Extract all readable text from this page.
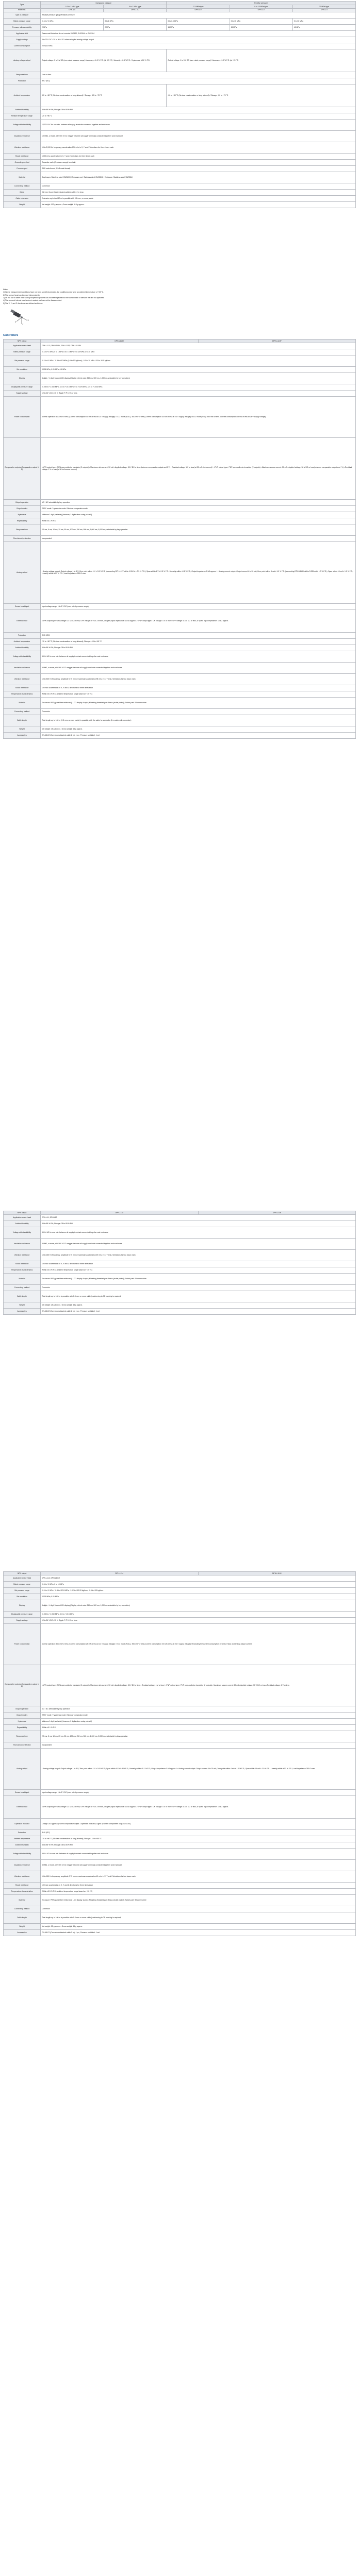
Type	Compound pressure		Positive pressure		
	-0.1 to 1 MPa type	0 to 1 MPa type	-7.5 MPa type	0 to 10 MPa type	30 MPa type
Model No.	DPH-1.0	DPH-1.0C	DPH-1.0	DPH-1.0	DPH-1.0
Type of pressure	Relative pressure gauge/Positive pressure				
Rated pressure range	-0.1 to +1 MPa	0 to 1 MPa	0 to 7.5 MPa	0 to 10 MPa	0 to 30 MPa
Pressure withstandability	2 MPa	2 MPa	15 MPa	15 MPa	45 MPa
Applicable fluid	Gases and fluids that do not corrode SUS630, SUS316L or SUS304				
Supply voltage	4 to 30 V DC / 20 to 30 V DC when using the analog voltage output				
Current consumption	20 mA or less				
Analog voltage output	Output voltage: 1 to 5 V DC (over rated pressure range) / Accuracy: ±1.0 % F.S. (at +23 °C) / Linearity: ±0.5 % F.S. / Hysteresis: ±0.2 % F.S.		Output voltage: 1 to 5 V DC (over rated pressure range) / Accuracy: ±1.0 % F.S. (at +23 °C)		
Response time	1 ms or less				
Protection	IP67 (IEC)				
Ambient temperature	-20 to +80 °C (No dew condensation or icing allowed) / Storage: -20 to +70 °C		-20 to +80 °C (No dew condensation or icing allowed) / Storage: -20 to +70 °C		
Ambient humidity	35 to 85 % RH; Storage: 35 to 85 % RH				
Medium temperature range	-20 to +80 °C				
Voltage withstandability	1,000 V AC for one min. between all supply terminals connected together and enclosure				
Insulation resistance	100 MΩ, or more, with 500 V DC megger between all supply terminals connected together and enclosure				
Vibration resistance	10 to 2,000 Hz frequency; acceleration 294 m/s² in X, Y and Z directions for three hours each				
Shock resistance	1,000 m/s² acceleration in X, Y and Z directions for three times each				
Grounding method	Capacitor earth (Enclosure-supply terminal)				
Pressure port	R1/8 male thread (R1/8 male thread)				
Material	Diaphragm: Stainless steel (SUS630) / Pressure port: Stainless steel (SUS304) / Enclosure: Stainless steel (SUS304)				
Connecting method	Connector				
Cable	0.2 mm² 3-core heat-resistant cabtyre cable, 2 m long				
Cable extension	Extension up to total 10 m is possible with 0.2 mm², or more, cable				
Weight	Net weight: 102 g approx.; Gross weight: 118 g approx.				

Notes:

1) Where measurement conditions have not been specified precisely, the conditions used were an ambient temperature of +23 °C.

2) The sensor head can be used independently.

3) Do not use in water if the factory inspection process has not been specified for the combination of sensors that are not specified.

4) The sensor's internal mechanism is sealed and can not be disassembled.

5) The X, Y, and Z directions are defined as follows.

X
Y
Z

Controllers

NPN output	DPH-L113V	DPH-L113P
Applicable sensor head	DPH-L113, DPH-L113V, DPH-L113P, DPH-L113PV	
Rated pressure range	-0.1 to +1 MPa; 0 to 1 MPa; 0 to 7.5 MPa; 0 to 10 MPa; 0 to 30 MPa	
Set pressure range	-0.1 to +1 MPa / -0.5 to +10 MPa (0.1 to 10 kgf/cm²); -0.1 to 10 MPa / 0.5 to 10.0 kgf/cm²	
Set resolution	0.001 MPa; 0.01 MPa; 0.1 MPa	
Display	4 digits + 4 digit 3-color LCD display (Display refresh rate: 250 ms, 500 ms, 1,000 ms selectable by key operation)	
Displayable pressure range	-0.050 to +1.050 MPa; -0.5 to +10.5 MPa; 0 to 7.875 MPa; -0.5 to +10.50 MPa	
Supply voltage	12 to 24 V DC ±10 % Ripple P-P 10 % or less	
Power consumption	Normal operation: 800 mW or less (Current consumption 40 mA or less at 24 V supply voltage) / ECO mode (FULL): 600 mW or less (Current consumption 30 mA or less at 24 V supply voltage) / ECO mode (STD): 550 mW or less (Current consumption 25 mA or less at 24 V supply voltage)	
Comparative outputs (Comparative output 1, 2)	<NPN output type> NPN open-collector transistor (2 outputs) • Maximum sink current: 50 mA • Applied voltage: 30 V DC or less (between comparative output and 0 V) • Residual voltage: 1 V or less (at 50 mA sink current) / <PNP output type> PNP open-collector transistor (2 outputs) • Maximum source current: 50 mA • Applied voltage: 30 V DC or less (between comparative output and +V) • Residual voltage: 1 V or less (at 50 mA source current)	
Output operation	NO / NC selectable by key operation	
Output modes	EASY mode / Hysteresis mode / Window comparator mode	
Hysteresis	Minimum 1 digit (variable) (however, 2 digits when using psi unit)	
Repeatability	Within ±0.1 % F.S.	
Response time	2.5 ms, 5 ms, 10 ms, 25 ms, 50 ms, 100 ms, 250 ms, 500 ms, 1,000 ms, 5,000 ms, selectable by key operation	
Short-circuit protection	Incorporated	
Analog output	• Analog voltage output: Output voltage 1 to 5 V; Zero point within 1 V ± 0.5 % F.S. (accounting DPH-L11V within 1.004 V ± 0.5 % F.S.); Span within 4 V ± 0.5 % F.S.; Linearity within ±0.1 % F.S.; Output impedance 1 kΩ approx. / • Analog current output: Output current 4 to 20 mA; Zero point within 4 mA ± 1.0 % F.S. (accounting DPH-L113V within 3.995 mA ± 1.0 % F.S.); Span within 16 mA ± 1.0 % F.S.; Linearity within ±0.1 % F.S.; Load impedance 250 Ω max.	
Sensor head input	Input voltage range: 1 to 5 V DC (over rated pressure range)	
External input	<NPN output type> ON voltage: 0.4 V DC or less; OFF voltage: 5 V DC or more, or open; Input impedance: 10 kΩ approx. / <PNP output type> ON voltage: 4 V or more; OFF voltage: 0.6 V DC or less, or open; Input impedance: 10 kΩ approx.	
Protection	IP65 (IEC)	
Ambient temperature	-10 to +50 °C (No dew condensation or icing allowed); Storage: -10 to +60 °C	
Ambient humidity	35 to 85 % RH; Storage: 35 to 85 % RH	
Voltage withstandability	500 V AC for one min. between all supply terminals connected together and enclosure	
Insulation resistance	50 MΩ, or more, with 500 V DC megger between all supply terminals connected together and enclosure	
Vibration resistance	10 to 500 Hz frequency; amplitude 0.75 mm or maximum acceleration 98 m/s² in X, Y and Z directions for two hours each	
Shock resistance	100 m/s² acceleration in X, Y and Z directions for three times each	
Temperature characteristics	Within ±0.5 % F.S. (ambient temperature range based on +20 °C)	
Material	Enclosure: PBT (glass fiber reinforced); LCD display: Acrylic; Mounting threaded part: Brass (nickel plated); Switch part: Silicone rubber	
Connecting method	Connector	
Cable length	Total length up to 100 m (0.3 mm² or more cable) is possible, with the cable for controller (6 m cable with connector)	
Weight	Net weight: 45 g approx.; Gross weight: 65 g approx.	
Accessories	CN-68-C2 (Connector attached cable 2 m): 1 pc.; Pressure unit label: 1 set	
NPN output	DPH-L11a	DPH-L13a
Applicable sensor head	DPH-L11, DPH-L13	
Ambient humidity	35 to 85 % RH; Storage: 35 to 85 % RH	
Voltage withstandability	500 V AC for one min. between all supply terminals connected together and enclosure	
Insulation resistance	50 MΩ, or more, with 500 V DC megger between all supply terminals connected together and enclosure	
Vibration resistance	10 to 150 Hz frequency; amplitude 0.75 mm or maximum acceleration 49 m/s² in X, Y and Z directions for two hours each	
Shock resistance	100 m/s² acceleration in X, Y and Z directions for three times each	
Temperature characteristics	Within ±0.5 % F.S. (ambient temperature range based on +20 °C)	
Material	Enclosure: PBT (glass fiber reinforced); LCD display: Acrylic; Mounting threaded part: Brass (nickel plated); Switch part: Silicone rubber	
Connecting method	Connector	
Cable length	Total length up to 100 m is possible with 0.3 mm² or more cable (conforming to CE marking is required)	
Weight	Net weight: 25 g approx.; Gross weight: 45 g approx.	
Accessories	CN-68-C2 (Connector attached cable 2 m): 1 pc.; Pressure unit label: 1 set	
NPN output	DPH-L114	DPH-L10-H
Applicable sensor head	DPH-L114, DPH-L10-H	
Rated pressure range	-0.1 to +1 MPa; 0 to 10 MPa	
Set pressure range	-0.1 to +1 MPa / -0.5 to +10.5 MPa; -1.02 to +10.20 kgf/cm²; -0.5 to +10 kgf/cm²	
Set resolution	0.001 MPa; 0.01 MPa	
Display	4 digits + 4 digit 3-color LCD display (Display refresh rate: 250 ms, 500 ms, 1,000 ms selectable by key operation)	
Displayable pressure range	-0.050 to +1.050 MPa; -0.5 to +10.5 MPa	
Supply voltage	12 to 24 V DC ±10 % Ripple P-P 10 % or less	
Power consumption	Normal operation: 600 mW or less (Current consumption 25 mA or less at 24 V supply voltage) / ECO mode (FULL): 500 mW or less (Current consumption 20 mA or less at 24 V supply voltage) / Excluding the current consumption of sensor head and analog output current	
Comparative outputs (Comparative output 1, 2)	<NPN output type> NPN open-collector transistor (2 outputs) • Maximum sink current: 50 mA • Applied voltage: 30 V DC or less • Residual voltage: 1 V or less / <PNP output type> PNP open-collector transistor (2 outputs) • Maximum source current: 50 mA • Applied voltage: 30 V DC or less • Residual voltage: 1 V or less	
Output operation	NO / NC selectable by key operation	
Output modes	EASY mode / Hysteresis mode / Window comparator mode	
Hysteresis	Minimum 1 digit (variable) (however, 2 digits when using psi unit)	
Repeatability	Within ±0.1 % F.S.	
Response time	2.5 ms, 5 ms, 10 ms, 25 ms, 50 ms, 100 ms, 250 ms, 500 ms, 1,000 ms, 5,000 ms, selectable by key operation	
Short-circuit protection	Incorporated	
Analog output	• Analog voltage output: Output voltage 1 to 5 V; Zero point within 1 V ± 0.5 % F.S.; Span within 4 V ± 0.5 % F.S.; Linearity within ±0.1 % F.S.; Output impedance 1 kΩ approx. / • Analog current output: Output current 4 to 20 mA; Zero point within 4 mA ± 1.0 % F.S.; Span within 16 mA ± 1.0 % F.S.; Linearity within ±0.1 % F.S.; Load impedance 250 Ω max.	
Sensor head input	Input voltage range: 1 to 5 V DC (over rated pressure range)	
External input	<NPN output type> ON voltage: 0.4 V DC or less; OFF voltage: 5 V DC or more, or open; Input impedance: 10 kΩ approx. / <PNP output type> ON voltage: 4 V or more; OFF voltage: 0.6 V DC or less, or open; Input impedance: 10 kΩ approx.	
Operation indicator	Orange LED (lights up when comparative output 1 operation indicator; Lights up when comparative output 2 is ON)	
Protection	IP40 (IEC)	
Ambient temperature	-10 to +50 °C (No dew condensation or icing allowed); Storage: -10 to +60 °C	
Ambient humidity	35 to 85 % RH; Storage: 35 to 85 % RH	
Voltage withstandability	500 V AC for one min. between all supply terminals connected together and enclosure	
Insulation resistance	50 MΩ, or more, with 500 V DC megger between all supply terminals connected together and enclosure	
Vibration resistance	10 to 150 Hz frequency; amplitude 0.75 mm or maximum acceleration 49 m/s² in X, Y and Z directions for two hours each	
Shock resistance	100 m/s² acceleration in X, Y and Z directions for three times each	
Temperature characteristics	Within ±0.5 % F.S. (ambient temperature range based on +20 °C)	
Material	Enclosure: PBT (glass fiber reinforced); LCD display: Acrylic; Mounting threaded part: Brass (nickel plated); Switch part: Silicone rubber	
Connecting method	Connector	
Cable length	Total length up to 100 m is possible with 0.3 mm² or more cable (conforming to CE marking is required)	
Weight	Net weight: 25 g approx.; Gross weight: 45 g approx.	
Accessories	CN-68-C2 (Connector attached cable 2 m): 1 pc.; Pressure unit label: 1 set	
